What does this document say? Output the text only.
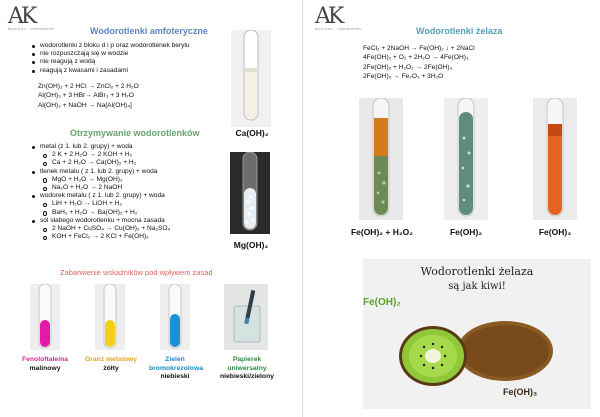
AK
BIOLOGY · CHEMISTRY	Wodorotlenki amfoteryczne
wodorotlenki z bloku d i p oraz wodorotlenek berylu
nie rozpuszczają się w wodzie
nie reagują z wodą
reagują z kwasami i zasadami
Zn(OH)₂ + 2 HCl → ZnCl₂ + 2 H₂O
Al(OH)₃ + 3 HBr→ AlBr₃ + 3 H₂O
Al(OH)₃ + NaOH → Na[Al(OH)₄]
Ca(OH)₂
Otrzymywanie wodorotlenków
metal (z 1. lub 2. grupy) + woda
2 K + 2 H₂O → 2 KOH + H₂
Ca + 2 H₂O → Ca(OH)₂ + H₂
tlenek metalu ( z 1. lub 2. grupy) + woda
MgO + H₂O → Mg(OH)₂
Na₂O + H₂O → 2 NaOH
wodorek metalu ( z 1. lub 2. grupy) + woda
LiH + H₂O → LiOH + H₂
BaH₂ + H₂O → Ba(OH)₂ + H₂
sól słabego wodorotlenku + mocna zasada
2 NaOH + CuSO₄ → Cu(OH)₂ + Na₂SO₄
KOH + FeCl₂ → 2 KCl + Fe(OH)₂
Mg(OH)₂
Zabarwienie wskaźników pod wpływem zasad
Fenoloftaleina
malinowy
Oranż metalowy
żółty
Zieleń bromokrezolowa
niebieski
Papierek uniwersalny
niebieski/zielony
AK
BIOLOGY · CHEMISTRY	Wodorotlenki żelaza
FeCl₂ + 2NaOH → Fe(OH)₂ ↓ + 2NaCl
4Fe(OH)₂ + O₂ + 2H₂O → 4Fe(OH)₃
2Fe(OH)₂ + H₂O₂ → 2Fe(OH)₃
2Fe(OH)₃ → Fe₂O₃ + 3H₂O
Fe(OH)₂ + H₂O₂	Fe(OH)₂	Fe(OH)₃
Wodorotlenki żelaza
są jak kiwi!
Fe(OH)₂
Fe(OH)₃
